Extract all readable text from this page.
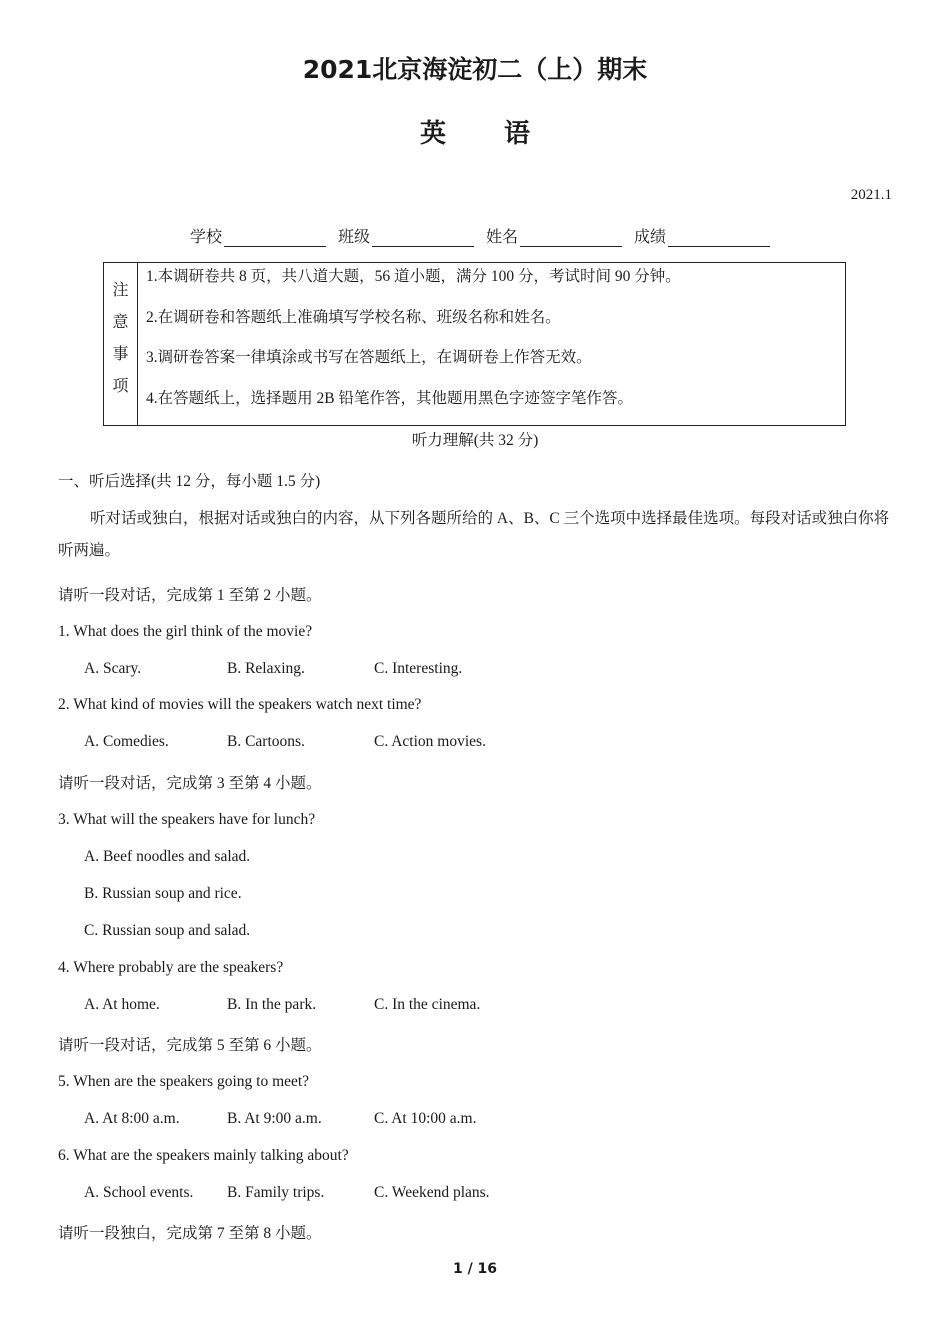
2021北京海淀初二（上）期末
英语
2021.1
学校	班级	姓名	成绩
注
意
事
项
1.本调研卷共 8 页，共八道大题，56 道小题，满分 100 分，考试时间 90 分钟。
2.在调研卷和答题纸上准确填写学校名称、班级名称和姓名。
3.调研卷答案一律填涂或书写在答题纸上，在调研卷上作答无效。
4.在答题纸上，选择题用 2B 铅笔作答，其他题用黑色字迹签字笔作答。
听力理解(共 32 分)
一、听后选择(共 12 分，每小题 1.5 分)
听对话或独白，根据对话或独白的内容，从下列各题所给的 A、B、C 三个选项中选择最佳选项。每段对话或独白你将听两遍。
请听一段对话，完成第 1 至第 2 小题。
1. What does the girl think of the movie?
A. Scary.	B. Relaxing.	C. Interesting.
2. What kind of movies will the speakers watch next time?
A. Comedies.	B. Cartoons.	C. Action movies.
请听一段对话，完成第 3 至第 4 小题。
3. What will the speakers have for lunch?
A. Beef noodles and salad.
B. Russian soup and rice.
C. Russian soup and salad.
4. Where probably are the speakers?
A. At home.	B. In the park.	C. In the cinema.
请听一段对话，完成第 5 至第 6 小题。
5. When are the speakers going to meet?
A. At 8:00 a.m.	B. At 9:00 a.m.	C. At 10:00 a.m.
6. What are the speakers mainly talking about?
A. School events. B. Family trips.	C. Weekend plans.
请听一段独白，完成第 7 至第 8 小题。
1 / 16
